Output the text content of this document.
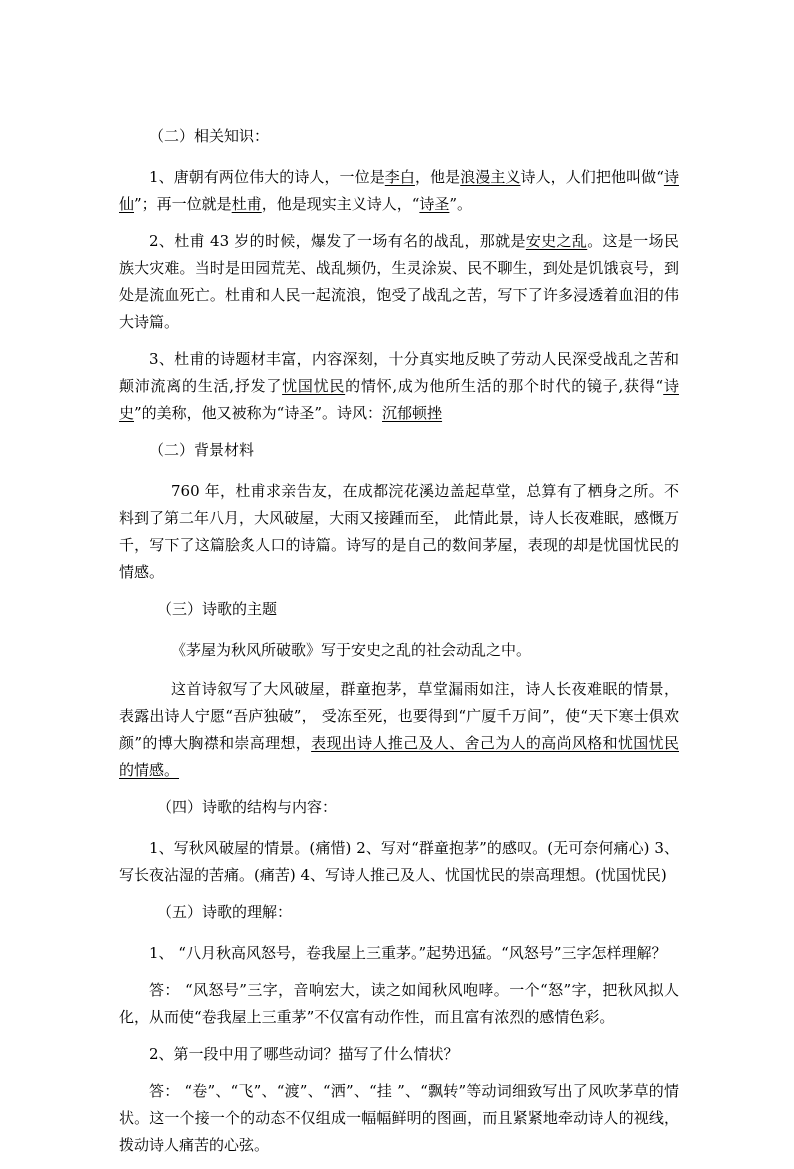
（二）相关知识：

1、唐朝有两位伟大的诗人，一位是李白，他是浪漫主义诗人，人们把他叫做“诗仙”；再一位就是杜甫，他是现实主义诗人，“诗圣”。

2、杜甫 43 岁的时候，爆发了一场有名的战乱，那就是安史之乱。这是一场民族大灾难。当时是田园荒芜、战乱频仍，生灵涂炭、民不聊生，到处是饥饿哀号，到处是流血死亡。杜甫和人民一起流浪，饱受了战乱之苦，写下了许多浸透着血泪的伟大诗篇。

3、杜甫的诗题材丰富，内容深刻，十分真实地反映了劳动人民深受战乱之苦和颠沛流离的生活,抒发了忧国忧民的情怀,成为他所生活的那个时代的镜子,获得“诗史”的美称，他又被称为“诗圣”。诗风：沉郁顿挫

（二）背景材料

760 年，杜甫求亲告友，在成都浣花溪边盖起草堂，总算有了栖身之所。不料到了第二年八月，大风破屋，大雨又接踵而至， 此情此景，诗人长夜难眠，感慨万千，写下了这篇脍炙人口的诗篇。诗写的是自己的数间茅屋，表现的却是忧国忧民的情感。

（三）诗歌的主题

《茅屋为秋风所破歌》写于安史之乱的社会动乱之中。

这首诗叙写了大风破屋，群童抱茅，草堂漏雨如注，诗人长夜难眠的情景，表露出诗人宁愿“吾庐独破”， 受冻至死，也要得到“广厦千万间”，使“天下寒士俱欢颜”的博大胸襟和崇高理想，表现出诗人推己及人、舍己为人的高尚风格和忧国忧民的情感。

（四）诗歌的结构与内容：

1、写秋风破屋的情景。(痛惜) 2、写对“群童抱茅”的感叹。(无可奈何痛心) 3、写长夜沾湿的苦痛。(痛苦) 4、写诗人推己及人、忧国忧民的崇高理想。(忧国忧民)

（五）诗歌的理解：

1、 “八月秋高风怒号，卷我屋上三重茅。”起势迅猛。“风怒号”三字怎样理解？

答： “风怒号”三字，音响宏大，读之如闻秋风咆哮。一个“怒”字，把秋风拟人化，从而使“卷我屋上三重茅”不仅富有动作性，而且富有浓烈的感情色彩。

2、第一段中用了哪些动词？描写了什么情状？

答： “卷”、“飞”、“渡”、“洒”、“挂 ”、“飘转”等动词细致写出了风吹茅草的情状。这一个接一个的动态不仅组成一幅幅鲜明的图画，而且紧紧地牵动诗人的视线，拨动诗人痛苦的心弦。
